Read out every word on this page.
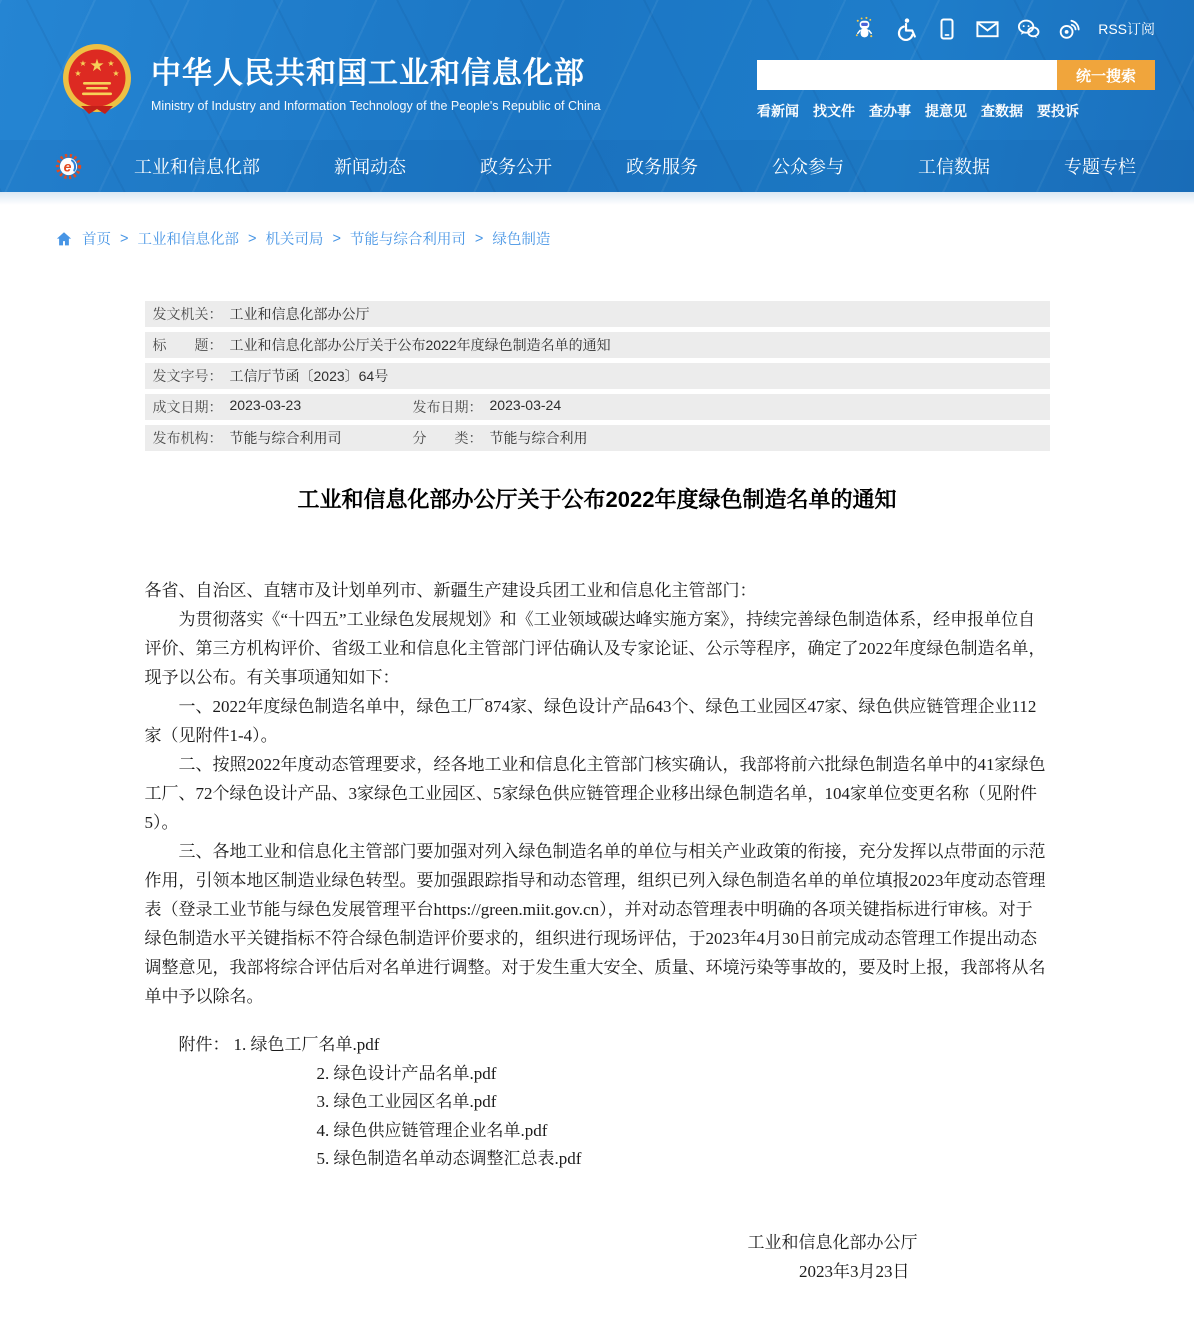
RSS订阅
★
★	★
★	★ 中华人民共和国工业和信息化部
Ministry of Industry and Information Technology of the People's Republic of China
统一搜索
看新闻 找文件 查办事 提意见 查数据 要投诉
e	工业和信息化部	新闻动态	政务公开	政务服务	公众参与	工信数据	专题专栏
首页 > 工业和信息化部 > 机关司局 > 节能与综合利用司 > 绿色制造
发文机关： 工业和信息化部办公厅
标　　题： 工业和信息化部办公厅关于公布2022年度绿色制造名单的通知
发文字号： 工信厅节函〔2023〕64号
成文日期： 2023-03-23	发布日期： 2023-03-24
发布机构： 节能与综合利用司	分　　类： 节能与综合利用
工业和信息化部办公厅关于公布2022年度绿色制造名单的通知

各省、自治区、直辖市及计划单列市、新疆生产建设兵团工业和信息化主管部门：

为贯彻落实《“十四五”工业绿色发展规划》和《工业领域碳达峰实施方案》，持续完善绿色制造体系，经申报单位自评价、第三方机构评价、省级工业和信息化主管部门评估确认及专家论证、公示等程序，确定了2022年度绿色制造名单，现予以公布。有关事项通知如下：

一、2022年度绿色制造名单中，绿色工厂874家、绿色设计产品643个、绿色工业园区47家、绿色供应链管理企业112家（见附件1-4）。

二、按照2022年度动态管理要求，经各地工业和信息化主管部门核实确认，我部将前六批绿色制造名单中的41家绿色工厂、72个绿色设计产品、3家绿色工业园区、5家绿色供应链管理企业移出绿色制造名单，104家单位变更名称（见附件5）。

三、各地工业和信息化主管部门要加强对列入绿色制造名单的单位与相关产业政策的衔接，充分发挥以点带面的示范作用，引领本地区制造业绿色转型。要加强跟踪指导和动态管理，组织已列入绿色制造名单的单位填报2023年度动态管理表（登录工业节能与绿色发展管理平台https://green.miit.gov.cn），并对动态管理表中明确的各项关键指标进行审核。对于绿色制造水平关键指标不符合绿色制造评价要求的，组织进行现场评估，于2023年4月30日前完成动态管理工作提出动态调整意见，我部将综合评估后对名单进行调整。对于发生重大安全、质量、环境污染等事故的，要及时上报，我部将从名单中予以除名。

附件： 1. 绿色工厂名单.pdf

2. 绿色设计产品名单.pdf

3. 绿色工业园区名单.pdf

4. 绿色供应链管理企业名单.pdf

5. 绿色制造名单动态调整汇总表.pdf

工业和信息化部办公厅

2023年3月23日
